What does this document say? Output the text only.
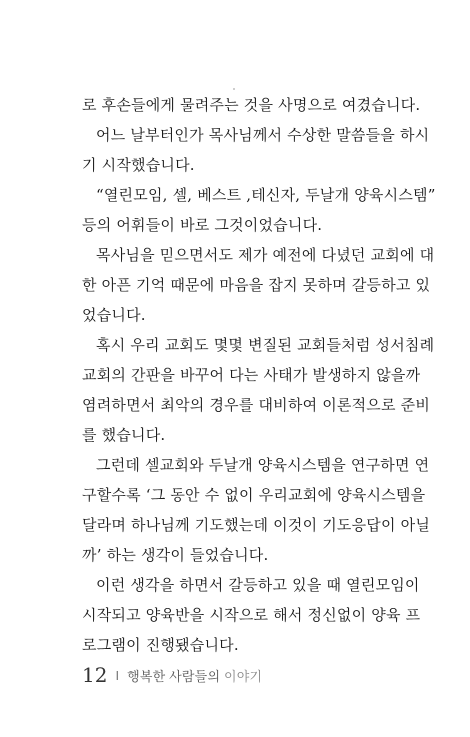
로 후손들에게 물려주는 것을 사명으로 여겼습니다.
어느 날부터인가 목사님께서 수상한 말씀들을 하시
기 시작했습니다.
“열린모임, 셀, 베스트 ,테신자, 두날개 양육시스템”
등의 어휘들이 바로 그것이었습니다.
목사님을 믿으면서도 제가 예전에 다녔던 교회에 대
한 아픈 기억 때문에 마음을 잡지 못하며 갈등하고 있
었습니다.
혹시 우리 교회도 몇몇 변질된 교회들처럼 성서침례
교회의 간판을 바꾸어 다는 사태가 발생하지 않을까
염려하면서 최악의 경우를 대비하여 이론적으로 준비
를 했습니다.
그런데 셀교회와 두날개 양육시스템을 연구하면 연
구할수록 ‘그 동안 수 없이 우리교회에 양육시스템을
달라며 하나님께 기도했는데 이것이 기도응답이 아닐
까’ 하는 생각이 들었습니다.
이런 생각을 하면서 갈등하고 있을 때 열린모임이
시작되고 양육반을 시작으로 해서 정신없이 양육 프
로그램이 진행됐습니다.
12 I 행복한 사람들의 이야기
